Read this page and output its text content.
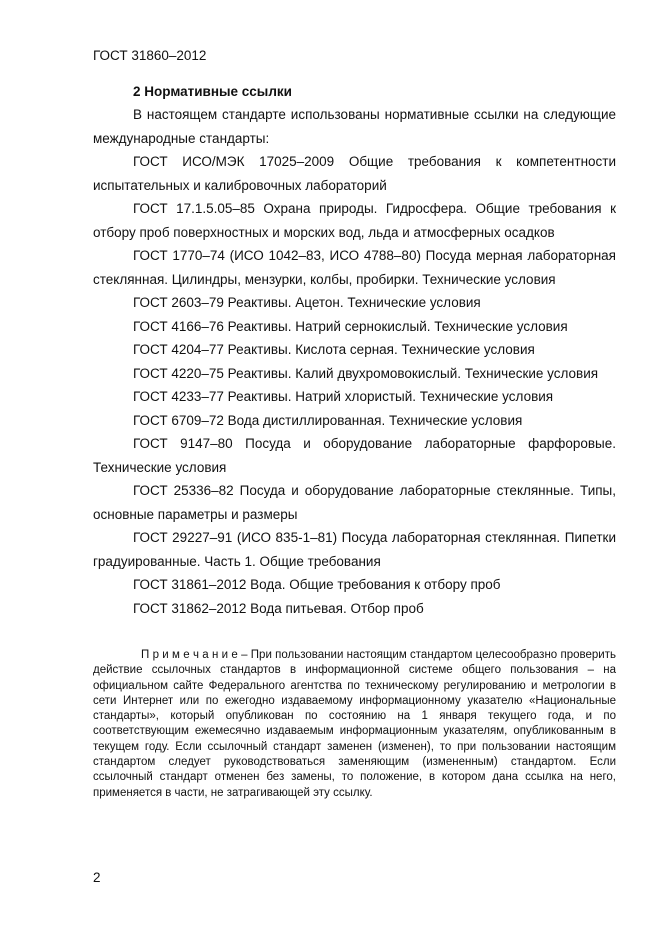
ГОСТ 31860–2012
2 Нормативные ссылки

В настоящем стандарте использованы нормативные ссылки на следующие международные стандарты:

ГОСТ ИСО/МЭК 17025–2009 Общие требования к компетентности испытательных и калибровочных лабораторий

ГОСТ 17.1.5.05–85 Охрана природы. Гидросфера. Общие требования к отбору проб поверхностных и морских вод, льда и атмосферных осадков

ГОСТ 1770–74 (ИСО 1042–83, ИСО 4788–80) Посуда мерная лабораторная стеклянная. Цилиндры, мензурки, колбы, пробирки. Технические условия

ГОСТ 2603–79 Реактивы. Ацетон. Технические условия

ГОСТ 4166–76 Реактивы. Натрий сернокислый. Технические условия

ГОСТ 4204–77 Реактивы. Кислота серная. Технические условия

ГОСТ 4220–75 Реактивы. Калий двухромовокислый. Технические условия

ГОСТ 4233–77 Реактивы. Натрий хлористый. Технические условия

ГОСТ 6709–72 Вода дистиллированная. Технические условия

ГОСТ 9147–80 Посуда и оборудование лабораторные фарфоровые. Технические условия

ГОСТ 25336–82 Посуда и оборудование лабораторные стеклянные. Типы, основные параметры и размеры

ГОСТ 29227–91 (ИСО 835-1–81) Посуда лабораторная стеклянная. Пипетки градуированные. Часть 1. Общие требования

ГОСТ 31861–2012 Вода. Общие требования к отбору проб

ГОСТ 31862–2012 Вода питьевая. Отбор проб

П р и м е ч а н и е – При пользовании настоящим стандартом целесообразно проверить действие ссылочных стандартов в информационной системе общего пользования – на официальном сайте Федерального агентства по техническому регулированию и метрологии в сети Интернет или по ежегодно издаваемому информационному указателю «Национальные стандарты», который опубликован по состоянию на 1 января текущего года, и по соответствующим ежемесячно издаваемым информационным указателям, опубликованным в текущем году. Если ссылочный стандарт заменен (изменен), то при пользовании настоящим стандартом следует руководствоваться заменяющим (измененным) стандартом. Если ссылочный стандарт отменен без замены, то положение, в котором дана ссылка на него, применяется в части, не затрагивающей эту ссылку.

2
